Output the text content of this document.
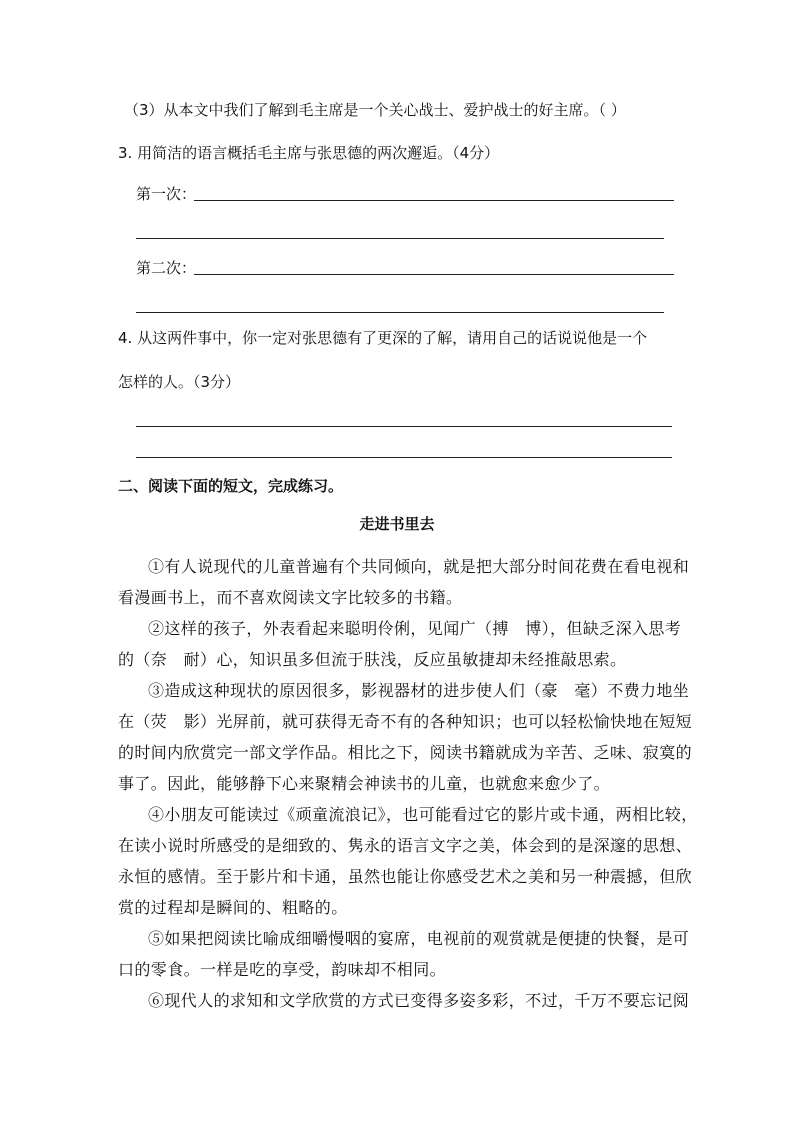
（3）从本文中我们了解到毛主席是一个关心战士、爱护战士的好主席。（ ）
3. 用简洁的语言概括毛主席与张思德的两次邂逅。（4分）
第一次：
第二次：
4. 从这两件事中，你一定对张思德有了更深的了解，请用自己的话说说他是一个
怎样的人。（3分）
二、阅读下面的短文，完成练习。
走进书里去
①有人说现代的儿童普遍有个共同倾向，就是把大部分时间花费在看电视和
看漫画书上，而不喜欢阅读文字比较多的书籍。
②这样的孩子，外表看起来聪明伶俐，见闻广（搏　博），但缺乏深入思考
的（奈　耐）心，知识虽多但流于肤浅，反应虽敏捷却未经推敲思索。
③造成这种现状的原因很多，影视器材的进步使人们（豪　毫）不费力地坐
在（荧　影）光屏前，就可获得无奇不有的各种知识；也可以轻松愉快地在短短
的时间内欣赏完一部文学作品。相比之下，阅读书籍就成为辛苦、乏味、寂寞的
事了。因此，能够静下心来聚精会神读书的儿童，也就愈来愈少了。
④小朋友可能读过《顽童流浪记》，也可能看过它的影片或卡通，两相比较，
在读小说时所感受的是细致的、隽永的语言文字之美，体会到的是深邃的思想、
永恒的感情。至于影片和卡通，虽然也能让你感受艺术之美和另一种震撼，但欣
赏的过程却是瞬间的、粗略的。
⑤如果把阅读比喻成细嚼慢咽的宴席，电视前的观赏就是便捷的快餐，是可
口的零食。一样是吃的享受，韵味却不相同。
⑥现代人的求知和文学欣赏的方式已变得多姿多彩，不过，千万不要忘记阅
